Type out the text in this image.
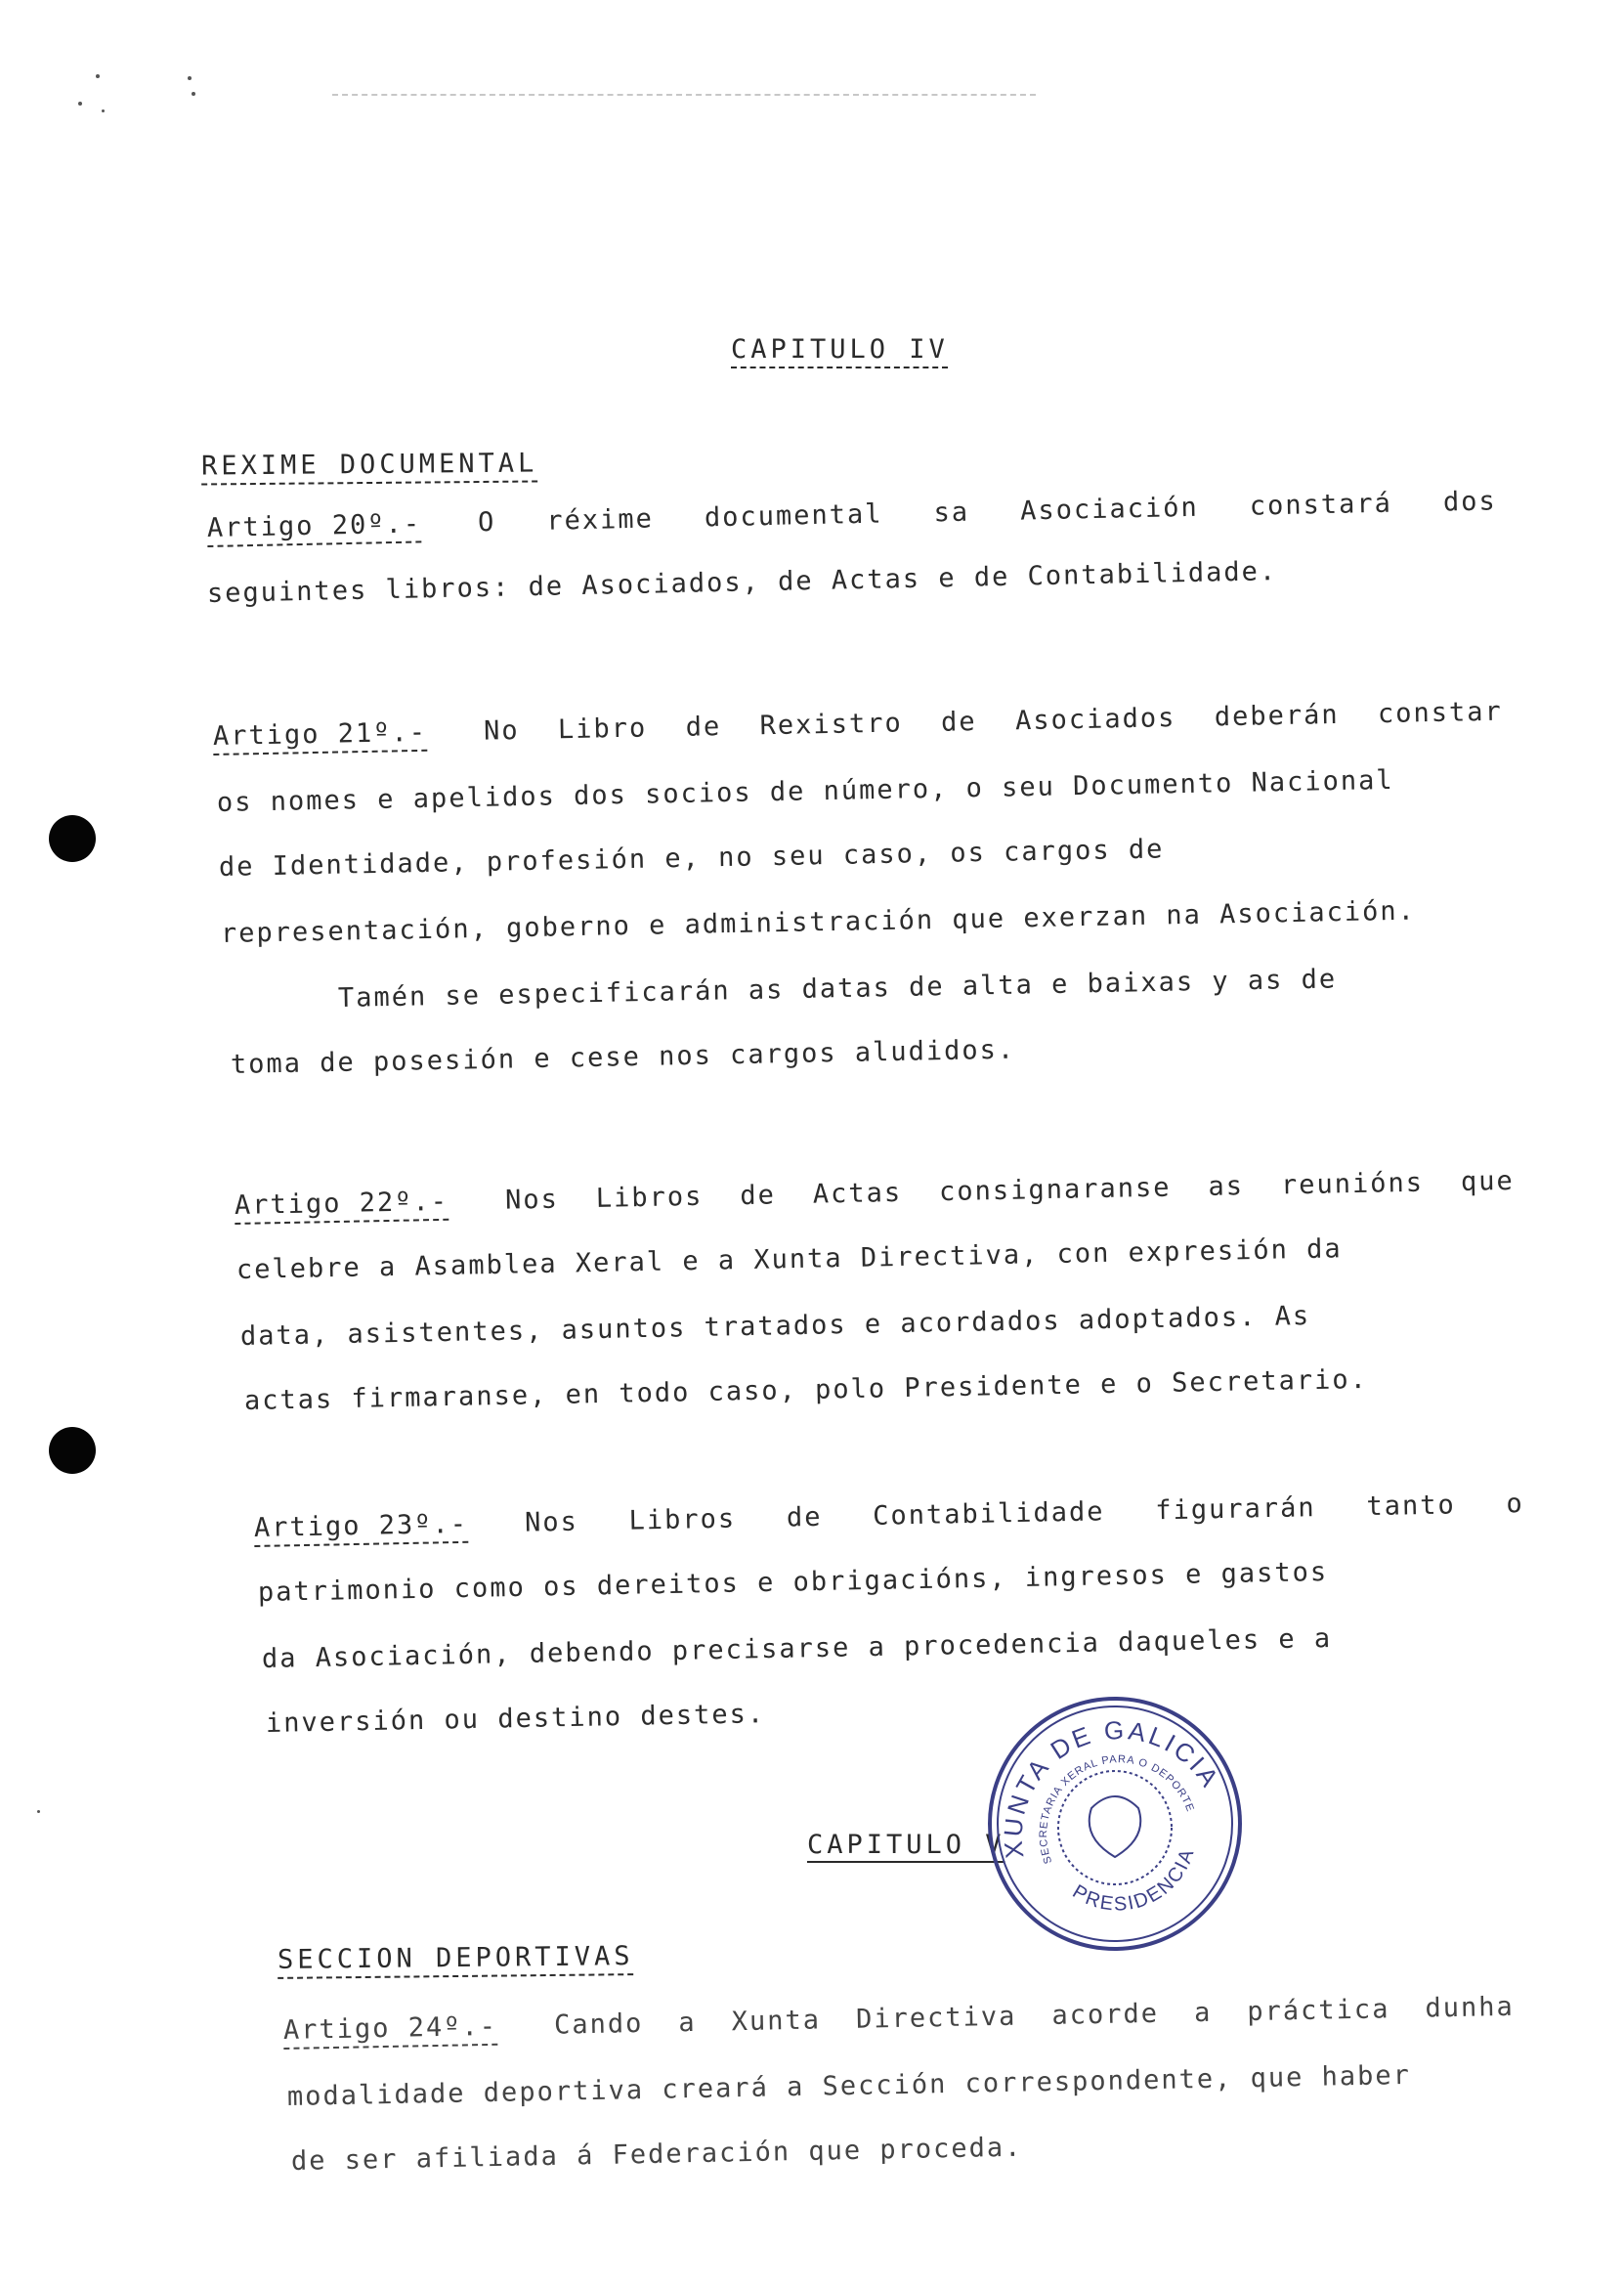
CAPITULO IV
REXIME DOCUMENTAL
Artigo 20º.- O réxime documental sa Asociación constará dos
seguintes libros: de Asociados, de Actas e de Contabilidade.
Artigo 21º.- No Libro de Rexistro de Asociados deberán constar
os nomes e apelidos dos socios de número, o seu Documento Nacional
de Identidade, profesión e, no seu caso, os cargos de
representación, goberno e administración que exerzan na Asociación.
Tamén se especificarán as datas de alta e baixas y as de
toma de posesión e cese nos cargos aludidos.
Artigo 22º.- Nos Libros de Actas consignaranse as reunións que
celebre a Asamblea Xeral e a Xunta Directiva, con expresión da
data, asistentes, asuntos tratados e acordados adoptados. As
actas firmaranse, en todo caso, polo Presidente e o Secretario.
Artigo 23º.- Nos Libros de Contabilidade figurarán tanto o
patrimonio como os dereitos e obrigacións, ingresos e gastos
da Asociación, debendo precisarse a procedencia daqueles e a
inversión ou destino destes.
CAPITULO V
SECCION DEPORTIVAS
Artigo 24º.- Cando a Xunta Directiva acorde a práctica dunha
modalidade deportiva creará a Sección correspondente, que haber
de ser afiliada á Federación que proceda.
XUNTA DE GALICIA
SECRETARIA XERAL PARA O DEPORTE
PRESIDENCIA
